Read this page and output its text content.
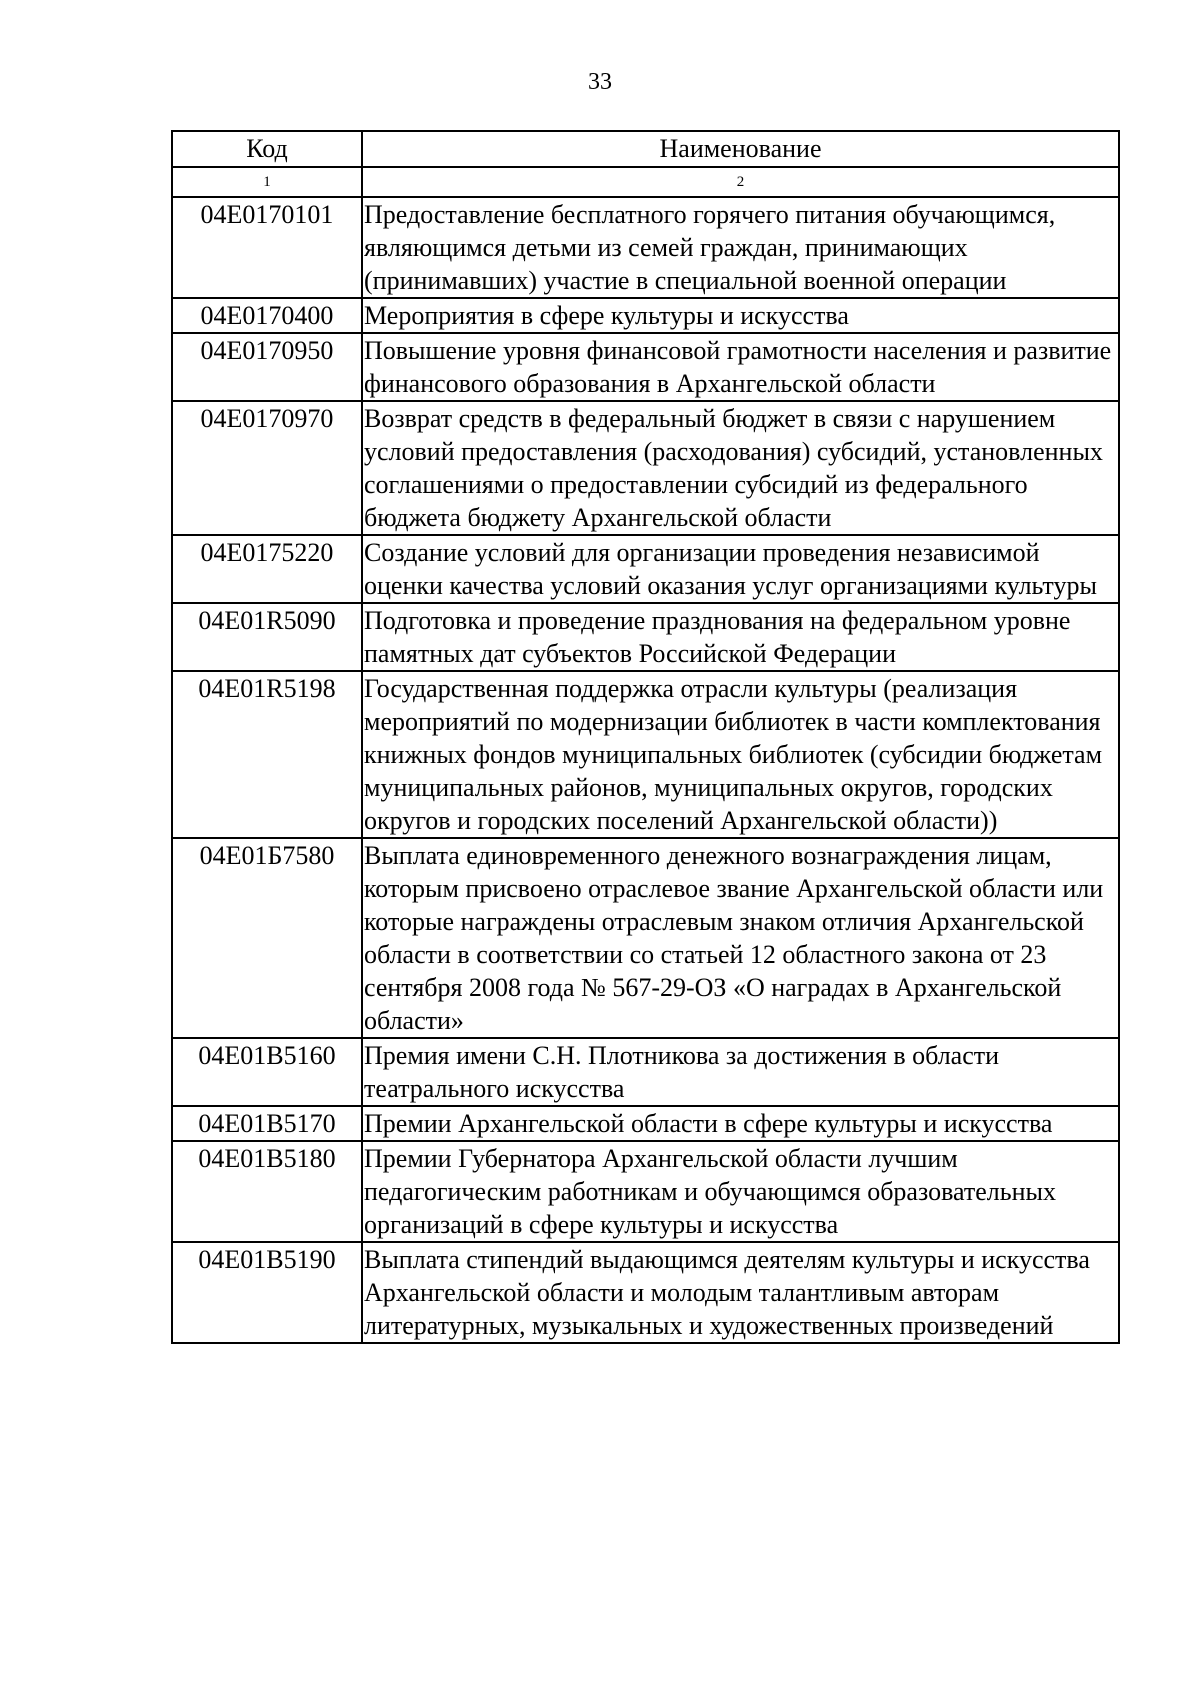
33
Код	Наименование
1	2
04Е0170101	Предоставление бесплатного горячего питания обучающимся, являющимся детьми из семей граждан, принимающих (принимавших) участие в специальной военной операции
04Е0170400	Мероприятия в сфере культуры и искусства
04Е0170950	Повышение уровня финансовой грамотности населения и развитие финансового образования в Архангельской области
04Е0170970	Возврат средств в федеральный бюджет в связи с нарушением условий предоставления (расходования) субсидий, установленных соглашениями о предоставлении субсидий из федерального бюджета бюджету Архангельской области
04Е0175220	Создание условий для организации проведения независимой оценки качества условий оказания услуг организациями культуры
04Е01R5090	Подготовка и проведение празднования на федеральном уровне памятных дат субъектов Российской Федерации
04Е01R5198	Государственная поддержка отрасли культуры (реализация мероприятий по модернизации библиотек в части комплектования книжных фондов муниципальных библиотек (субсидии бюджетам муниципальных районов, муниципальных округов, городских округов и городских поселений Архангельской области))
04Е01Б7580	Выплата единовременного денежного вознаграждения лицам, которым присвоено отраслевое звание Архангельской области или которые награждены отраслевым знаком отличия Архангельской области в соответствии со статьей 12 областного закона от 23 сентября 2008 года № 567-29-ОЗ «О наградах в Архангельской области»
04Е01В5160	Премия имени С.Н. Плотникова за достижения в области театрального искусства
04Е01В5170	Премии Архангельской области в сфере культуры и искусства
04Е01В5180	Премии Губернатора Архангельской области лучшим педагогическим работникам и обучающимся образовательных организаций в сфере культуры и искусства
04Е01В5190	Выплата стипендий выдающимся деятелям культуры и искусства Архангельской области и молодым талантливым авторам литературных, музыкальных и художественных произведений
